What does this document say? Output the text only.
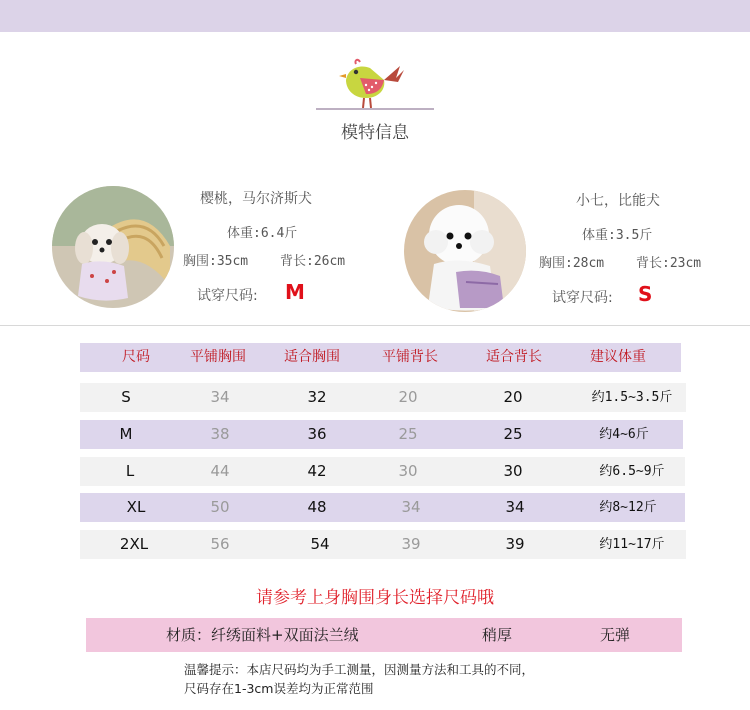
模特信息
樱桃，马尔济斯犬
体重:6.4斤
胸围:35cm 背长:26cm
试穿尺码: M
小七，比能犬
体重:3.5斤
胸围:28cm 背长:23cm
试穿尺码: S
尺码	平铺胸围	适合胸围	平铺背长	适合背长	建议体重
S	34	32	20	20	约1.5~3.5斤
M	38	36	25	25	约4~6斤
L	44	42	30	30	约6.5~9斤
XL	50	48	34	34	约8~12斤
2XL	56	54	39	39	约11~17斤
请参考上身胸围身长选择尺码哦
材质：纤绣面料+双面法兰绒	稍厚	无弹
温馨提示：本店尺码均为手工测量，因测量方法和工具的不同，
尺码存在1-3cm误差均为正常范围
